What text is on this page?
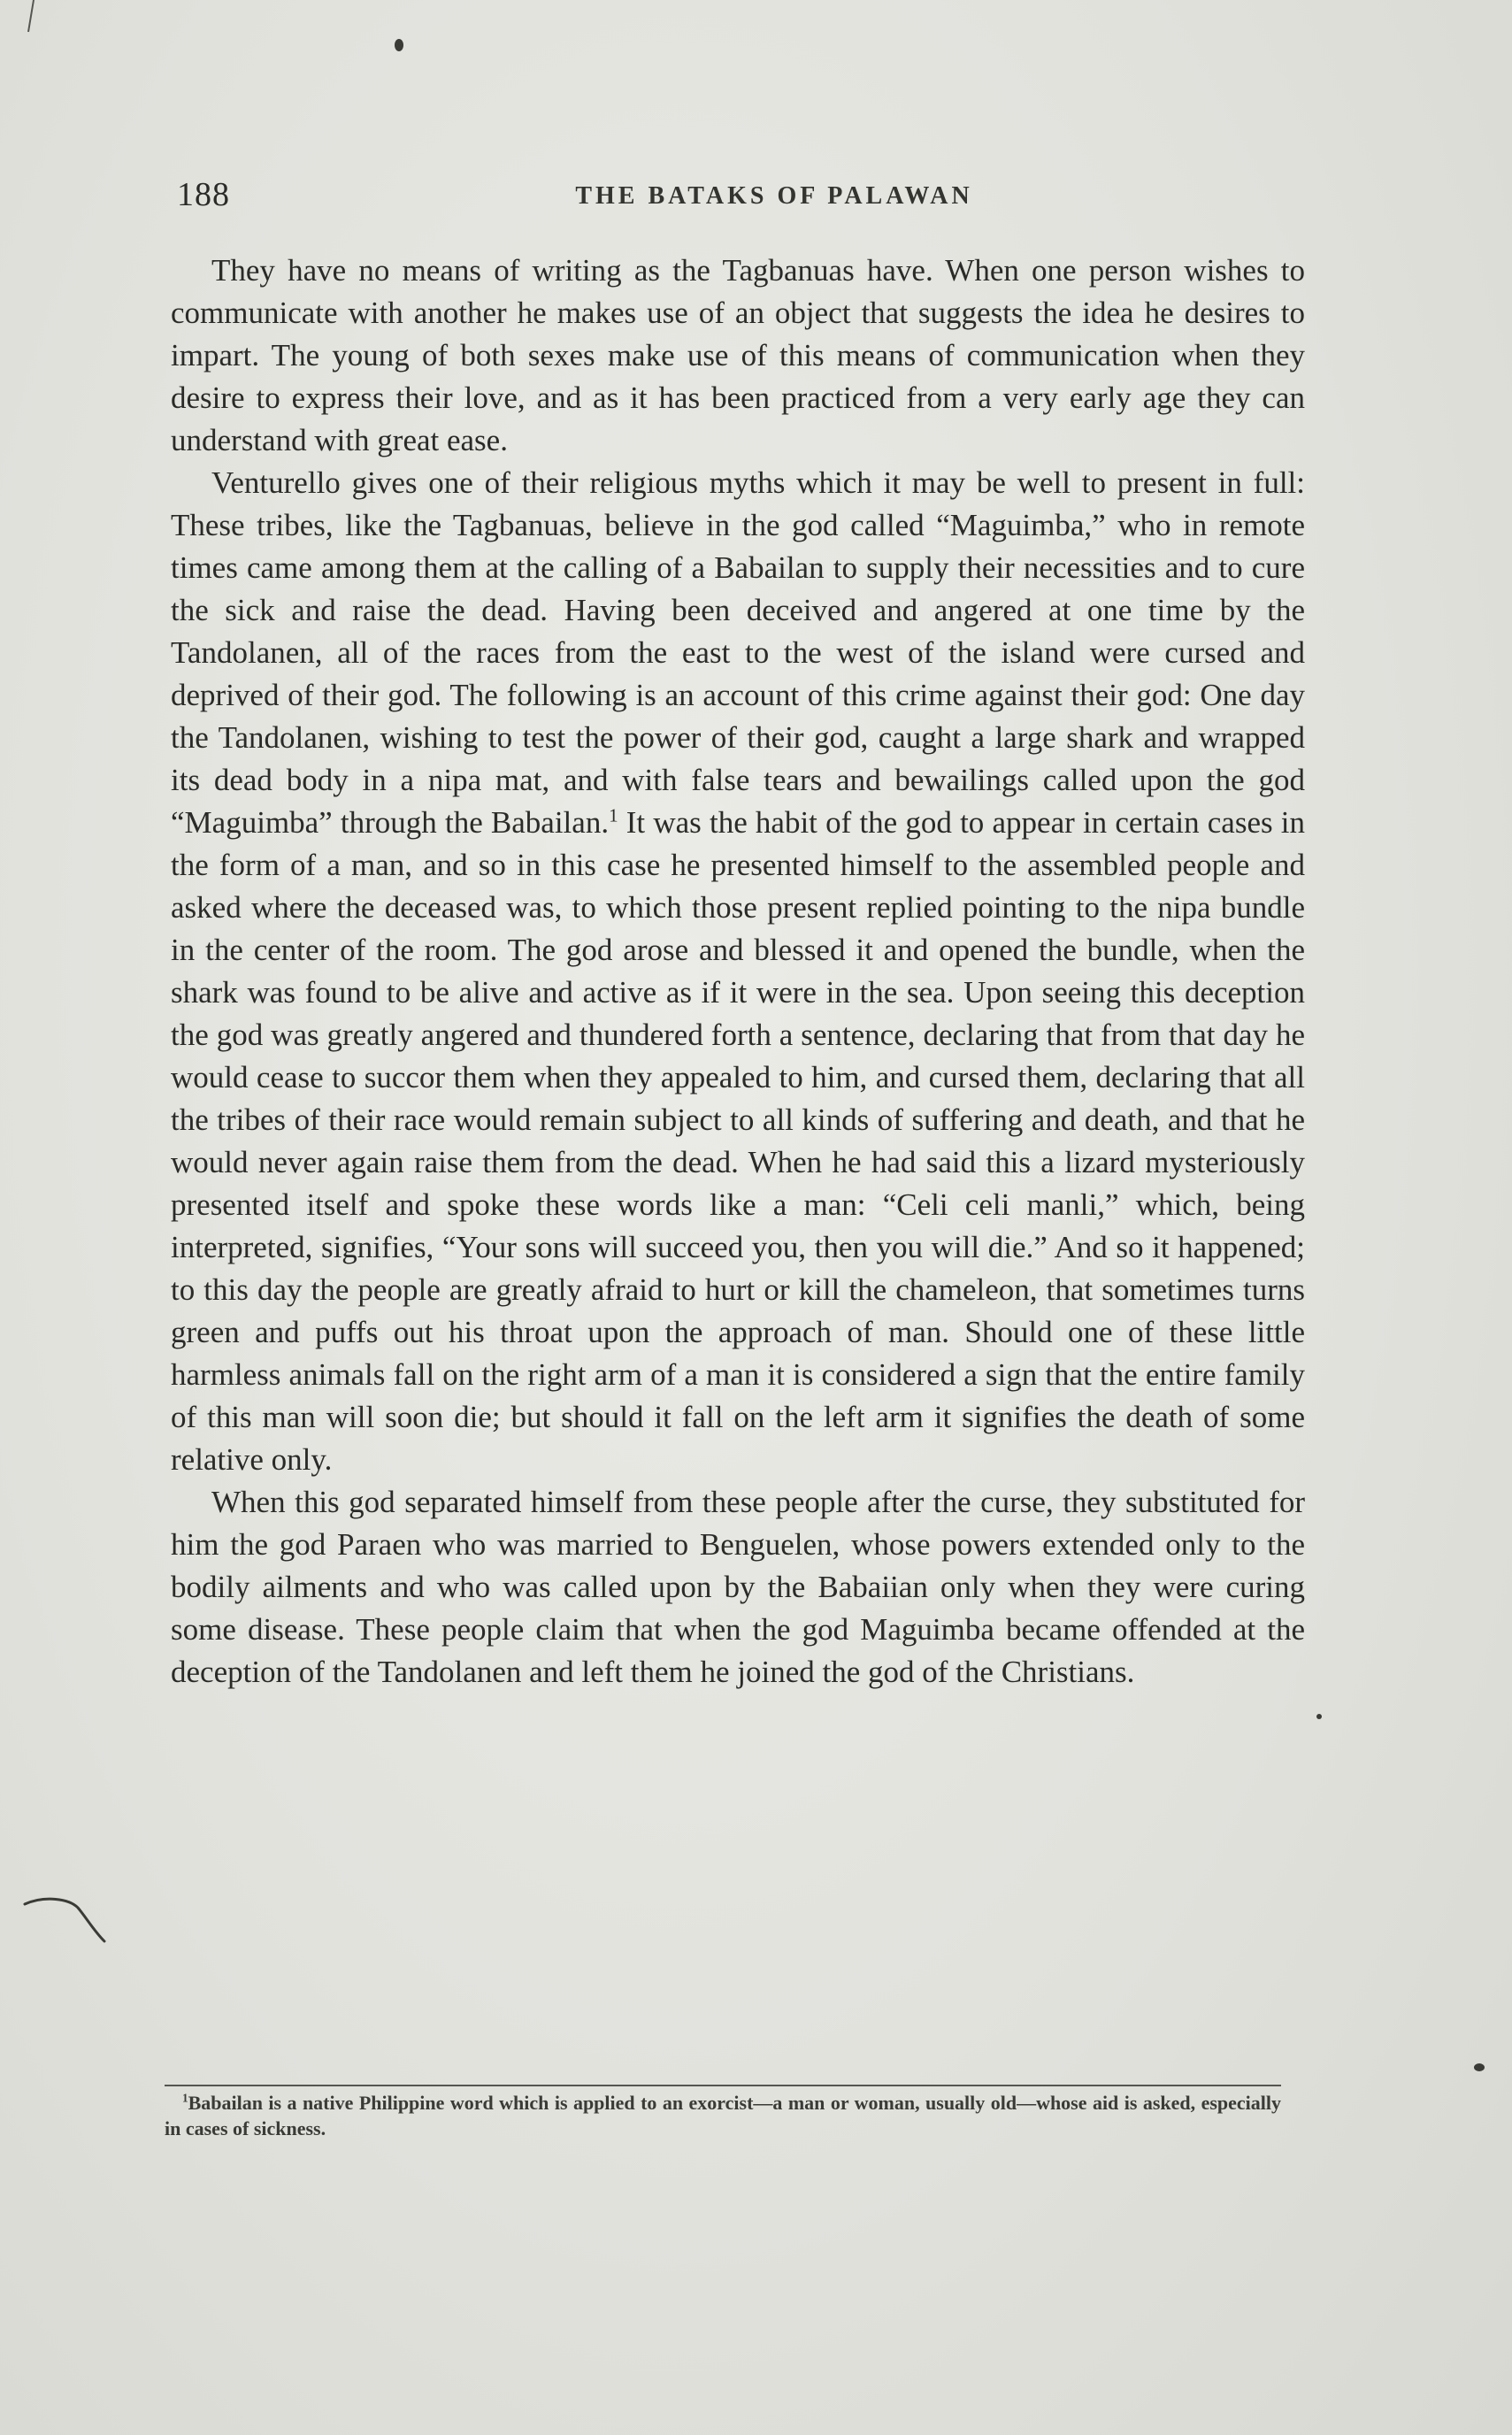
188	THE BATAKS OF PALAWAN

They have no means of writing as the Tagbanuas have. When one person wishes to communicate with another he makes use of an object that suggests the idea he desires to impart. The young of both sexes make use of this means of communication when they desire to express their love, and as it has been practiced from a very early age they can understand with great ease.

Venturello gives one of their religious myths which it may be well to present in full: These tribes, like the Tagbanuas, believe in the god called “Maguimba,” who in remote times came among them at the calling of a Babailan to supply their necessities and to cure the sick and raise the dead. Having been deceived and angered at one time by the Tandolanen, all of the races from the east to the west of the island were cursed and deprived of their god. The following is an account of this crime against their god: One day the Tandolanen, wishing to test the power of their god, caught a large shark and wrapped its dead body in a nipa mat, and with false tears and bewailings called upon the god “Maguimba” through the Babailan.$^1$ It was the habit of the god to appear in certain cases in the form of a man, and so in this case he presented himself to the assembled people and asked where the deceased was, to which those present replied pointing to the nipa bundle in the center of the room. The god arose and blessed it and opened the bundle, when the shark was found to be alive and active as if it were in the sea. Upon seeing this deception the god was greatly angered and thundered forth a sentence, declaring that from that day he would cease to succor them when they appealed to him, and cursed them, declaring that all the tribes of their race would remain subject to all kinds of suffering and death, and that he would never again raise them from the dead. When he had said this a lizard mysteriously presented itself and spoke these words like a man: “Celi celi manli,” which, being interpreted, signifies, “Your sons will succeed you, then you will die.” And so it happened; to this day the people are greatly afraid to hurt or kill the chameleon, that sometimes turns green and puffs out his throat upon the approach of man. Should one of these little harmless animals fall on the right arm of a man it is considered a sign that the entire family of this man will soon die; but should it fall on the left arm it signifies the death of some relative only.

When this god separated himself from these people after the curse, they substituted for him the god Paraen who was married to Benguelen, whose powers extended only to the bodily ailments and who was called upon by the Babaiian only when they were curing some disease. These people claim that when the god Maguimba became offended at the deception of the Tandolanen and left them he joined the god of the Christians.

$^1$Babailan is a native Philippine word which is applied to an exorcist—a man or woman, usually old—whose aid is asked, especially in cases of sickness.
